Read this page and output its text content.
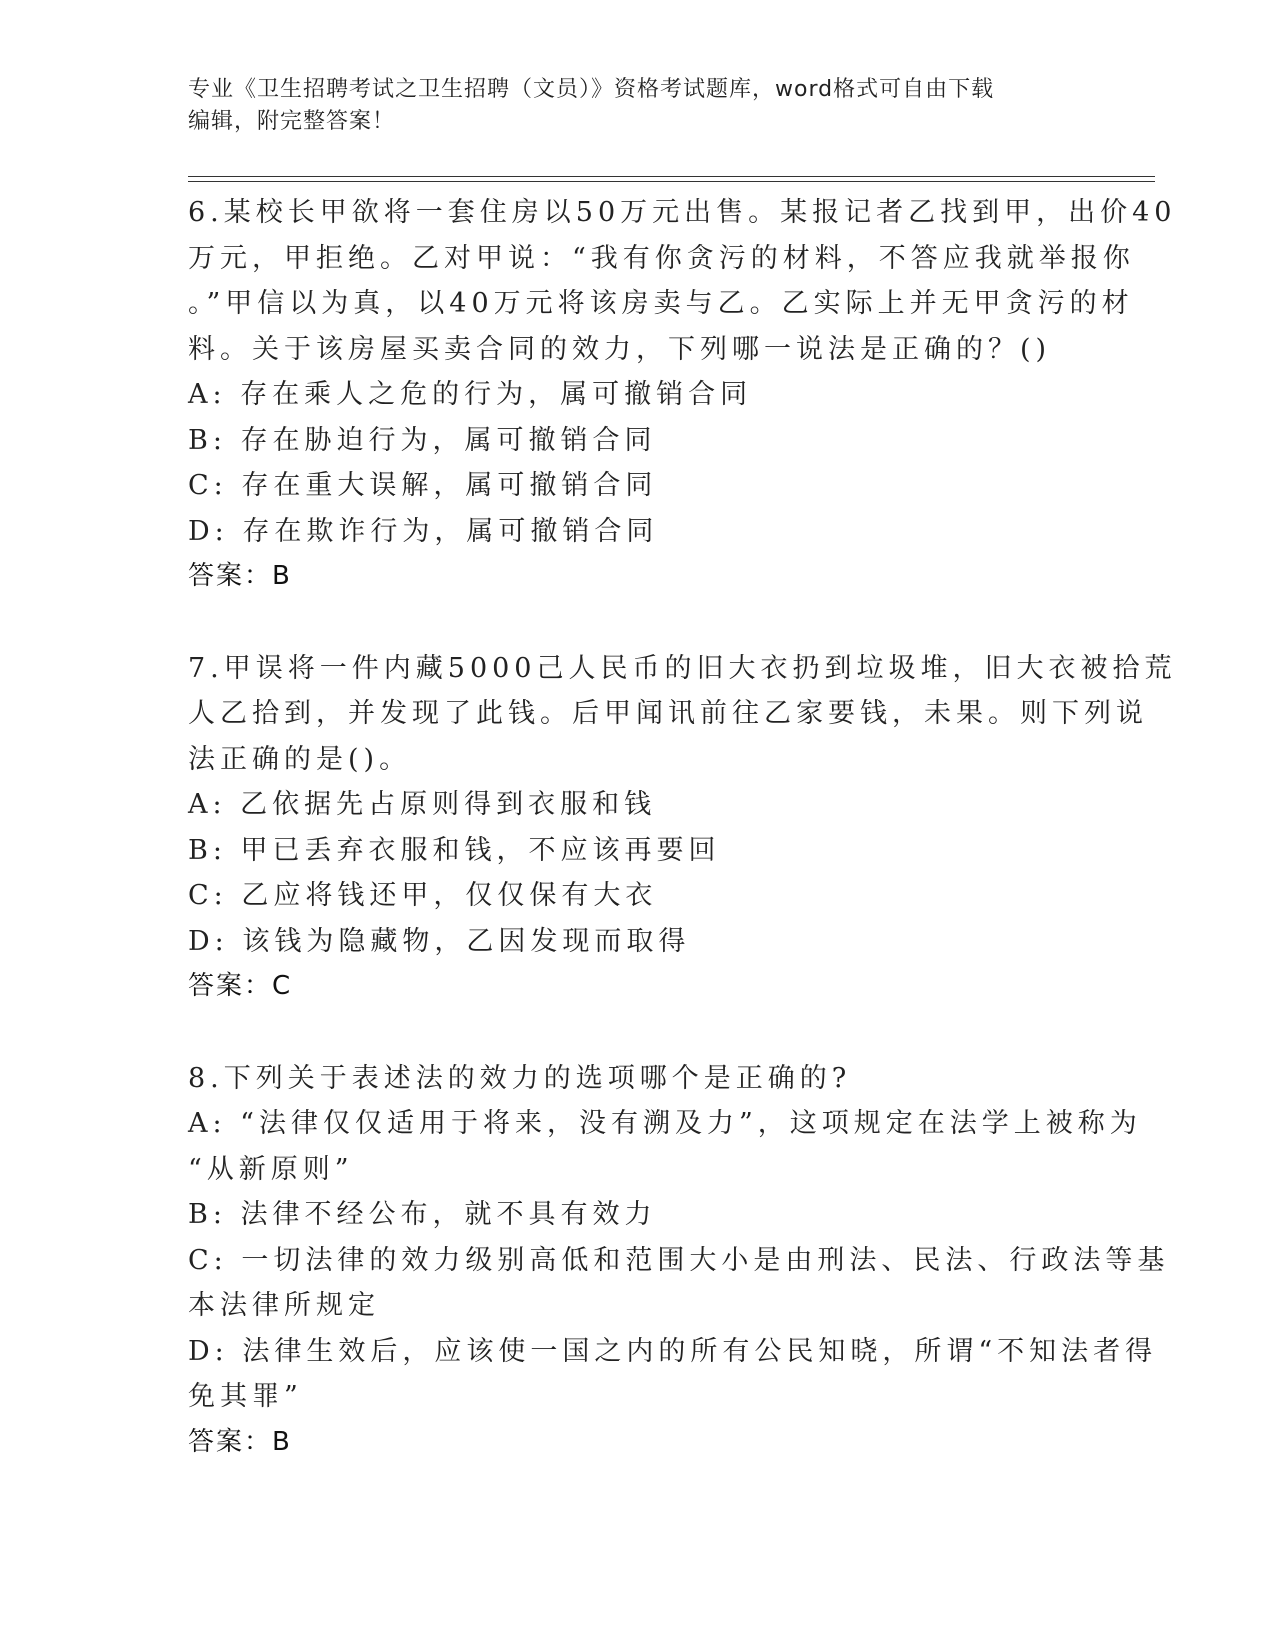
专业《卫生招聘考试之卫生招聘（文员）》资格考试题库，word格式可自由下载
编辑，附完整答案！
6.某校长甲欲将一套住房以50万元出售。某报记者乙找到甲，出价40
万元，甲拒绝。乙对甲说：“我有你贪污的材料，不答应我就举报你
。”甲信以为真，以40万元将该房卖与乙。乙实际上并无甲贪污的材
料。关于该房屋买卖合同的效力，下列哪一说法是正确的？()
A: 存在乘人之危的行为，属可撤销合同
B: 存在胁迫行为，属可撤销合同
C: 存在重大误解，属可撤销合同
D: 存在欺诈行为，属可撤销合同
答案：B
7.甲误将一件内藏5000己人民币的旧大衣扔到垃圾堆，旧大衣被拾荒
人乙拾到，并发现了此钱。后甲闻讯前往乙家要钱，未果。则下列说
法正确的是()。
A: 乙依据先占原则得到衣服和钱
B: 甲已丢弃衣服和钱，不应该再要回
C: 乙应将钱还甲，仅仅保有大衣
D: 该钱为隐藏物，乙因发现而取得
答案：C
8.下列关于表述法的效力的选项哪个是正确的?
A: “法律仅仅适用于将来，没有溯及力”，这项规定在法学上被称为
“从新原则”
B: 法律不经公布，就不具有效力
C: 一切法律的效力级别高低和范围大小是由刑法、民法、行政法等基
本法律所规定
D: 法律生效后，应该使一国之内的所有公民知晓，所谓“不知法者得
免其罪”
答案：B
